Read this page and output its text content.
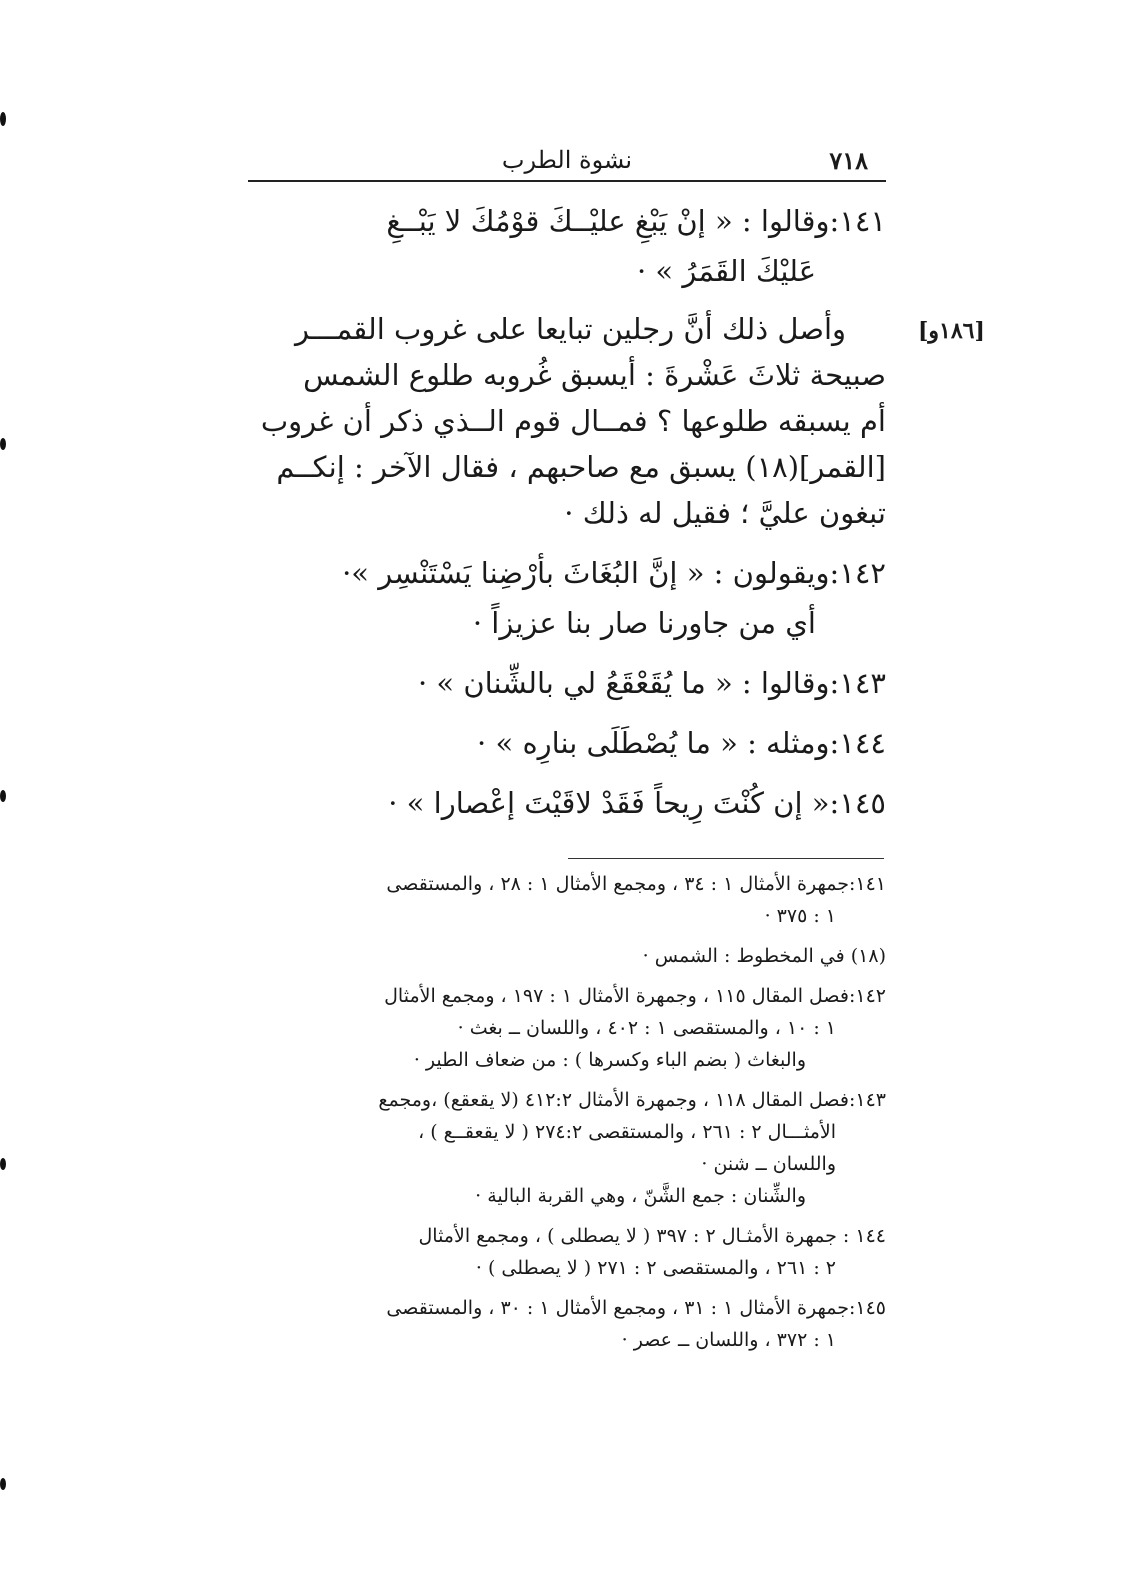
٧١٨
نشوة الطرب
[١٨٦و]
١٤١:وقالوا : « إنْ يَبْغِ عليْــكَ قوْمُكَ لا يَبْــغِ
عَليْكَ القَمَرُ » ·
وأصل ذلك أنَّ رجلين تبايعا على غروب القمـــر
صبيحة ثلاثَ عَشْرةَ : أيسبق غُروبه طلوع الشمس
أم يسبقه طلوعها ؟ فمــال قوم الــذي ذكر أن غروب
[القمر](١٨) يسبق مع صاحبهم ، فقال الآخر : إنكــم
تبغون عليَّ ؛ فقيل له ذلك ·
١٤٢:ويقولون : « إنَّ البُغَاثَ بأرْضِنا يَسْتَنْسِر »·
أي من جاورنا صار بنا عزيزاً ·
١٤٣:وقالوا : « ما يُقَعْقَعُ لي بالشِّنان » ·
١٤٤:ومثله : « ما يُصْطَلَى بنارِه » ·
١٤٥:« إن كُنْتَ رِيحاً فَقَدْ لاقَيْتَ إعْصارا » ·
١٤١:جمهرة الأمثال ١ : ٣٤ ، ومجمع الأمثال ١ : ٢٨ ، والمستقصى
١ : ٣٧٥ ·
(١٨) في المخطوط : الشمس ·
١٤٢:فصل المقال ١١٥ ، وجمهرة الأمثال ١ : ١٩٧ ، ومجمع الأمثال
١ : ١٠ ، والمستقصى ١ : ٤٠٢ ، واللسان ــ بغث ·
والبغاث ( بضم الباء وكسرها ) : من ضعاف الطير ·
١٤٣:فصل المقال ١١٨ ، وجمهرة الأمثال ٤١٢:٢ (لا يقعقع) ،ومجمع
الأمثـــال ٢ : ٢٦١ ، والمستقصى ٢٧٤:٢ ( لا يقعقــع ) ،
واللسان ــ شنن ·
والشِّنان : جمع الشَّنّ ، وهي القربة البالية ·
١٤٤ : جمهرة الأمثـال ٢ : ٣٩٧ ( لا يصطلى ) ، ومجمع الأمثال
٢ : ٢٦١ ، والمستقصى ٢ : ٢٧١ ( لا يصطلى ) ·
١٤٥:جمهرة الأمثال ١ : ٣١ ، ومجمع الأمثال ١ : ٣٠ ، والمستقصى
١ : ٣٧٢ ، واللسان ــ عصر ·
